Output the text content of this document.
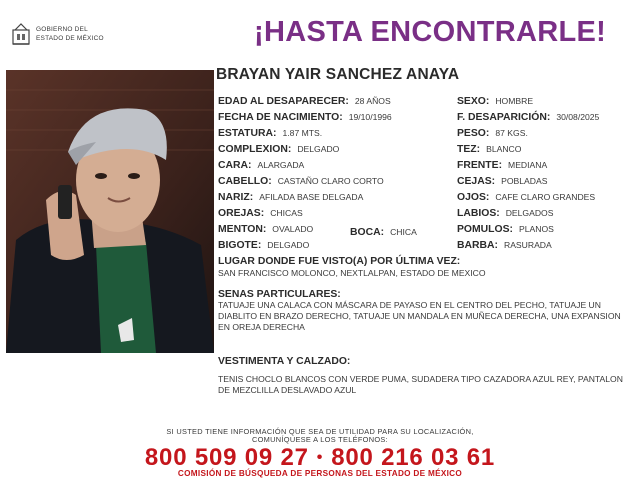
GOBIERNO DEL
ESTADO DE MÉXICO	¡HASTA ENCONTRARLE!
BRAYAN YAIR SANCHEZ ANAYA
EDAD AL DESAPARECER: 28 AÑOS
FECHA DE NACIMIENTO: 19/10/1996
ESTATURA: 1.87 MTS.
COMPLEXION: DELGADO
CARA: ALARGADA
CABELLO: CASTAÑO CLARO CORTO
NARIZ: AFILADA BASE DELGADA
OREJAS: CHICAS
MENTON: OVALADO
BIGOTE: DELGADO
BOCA: CHICA
SEXO: HOMBRE
F. DESAPARICIÓN: 30/08/2025
PESO: 87 KGS.
TEZ: BLANCO
FRENTE: MEDIANA
CEJAS: POBLADAS
OJOS: CAFE CLARO GRANDES
LABIOS: DELGADOS
POMULOS: PLANOS
BARBA: RASURADA
LUGAR DONDE FUE VISTO(A) POR ÚLTIMA VEZ:
SAN FRANCISCO MOLONCO, NEXTLALPAN, ESTADO DE MEXICO
SENAS PARTICULARES:
TATUAJE UNA CALACA CON MÁSCARA DE PAYASO EN EL CENTRO DEL PECHO, TATUAJE UN DIABLITO EN BRAZO DERECHO, TATUAJE UN MANDALA EN MUÑECA DERECHA, UNA EXPANSION EN OREJA DERECHA
VESTIMENTA Y CALZADO:
TENIS CHOCLO BLANCOS CON VERDE PUMA, SUDADERA TIPO CAZADORA AZUL REY, PANTALON DE MEZCLILLA DESLAVADO AZUL
SI USTED TIENE INFORMACIÓN QUE SEA DE UTILIDAD PARA SU LOCALIZACIÓN,
COMUNÍQUESE A LOS TELÉFONOS:
800 509 09 27 • 800 216 03 61
COMISIÓN DE BÚSQUEDA DE PERSONAS DEL ESTADO DE MÉXICO
